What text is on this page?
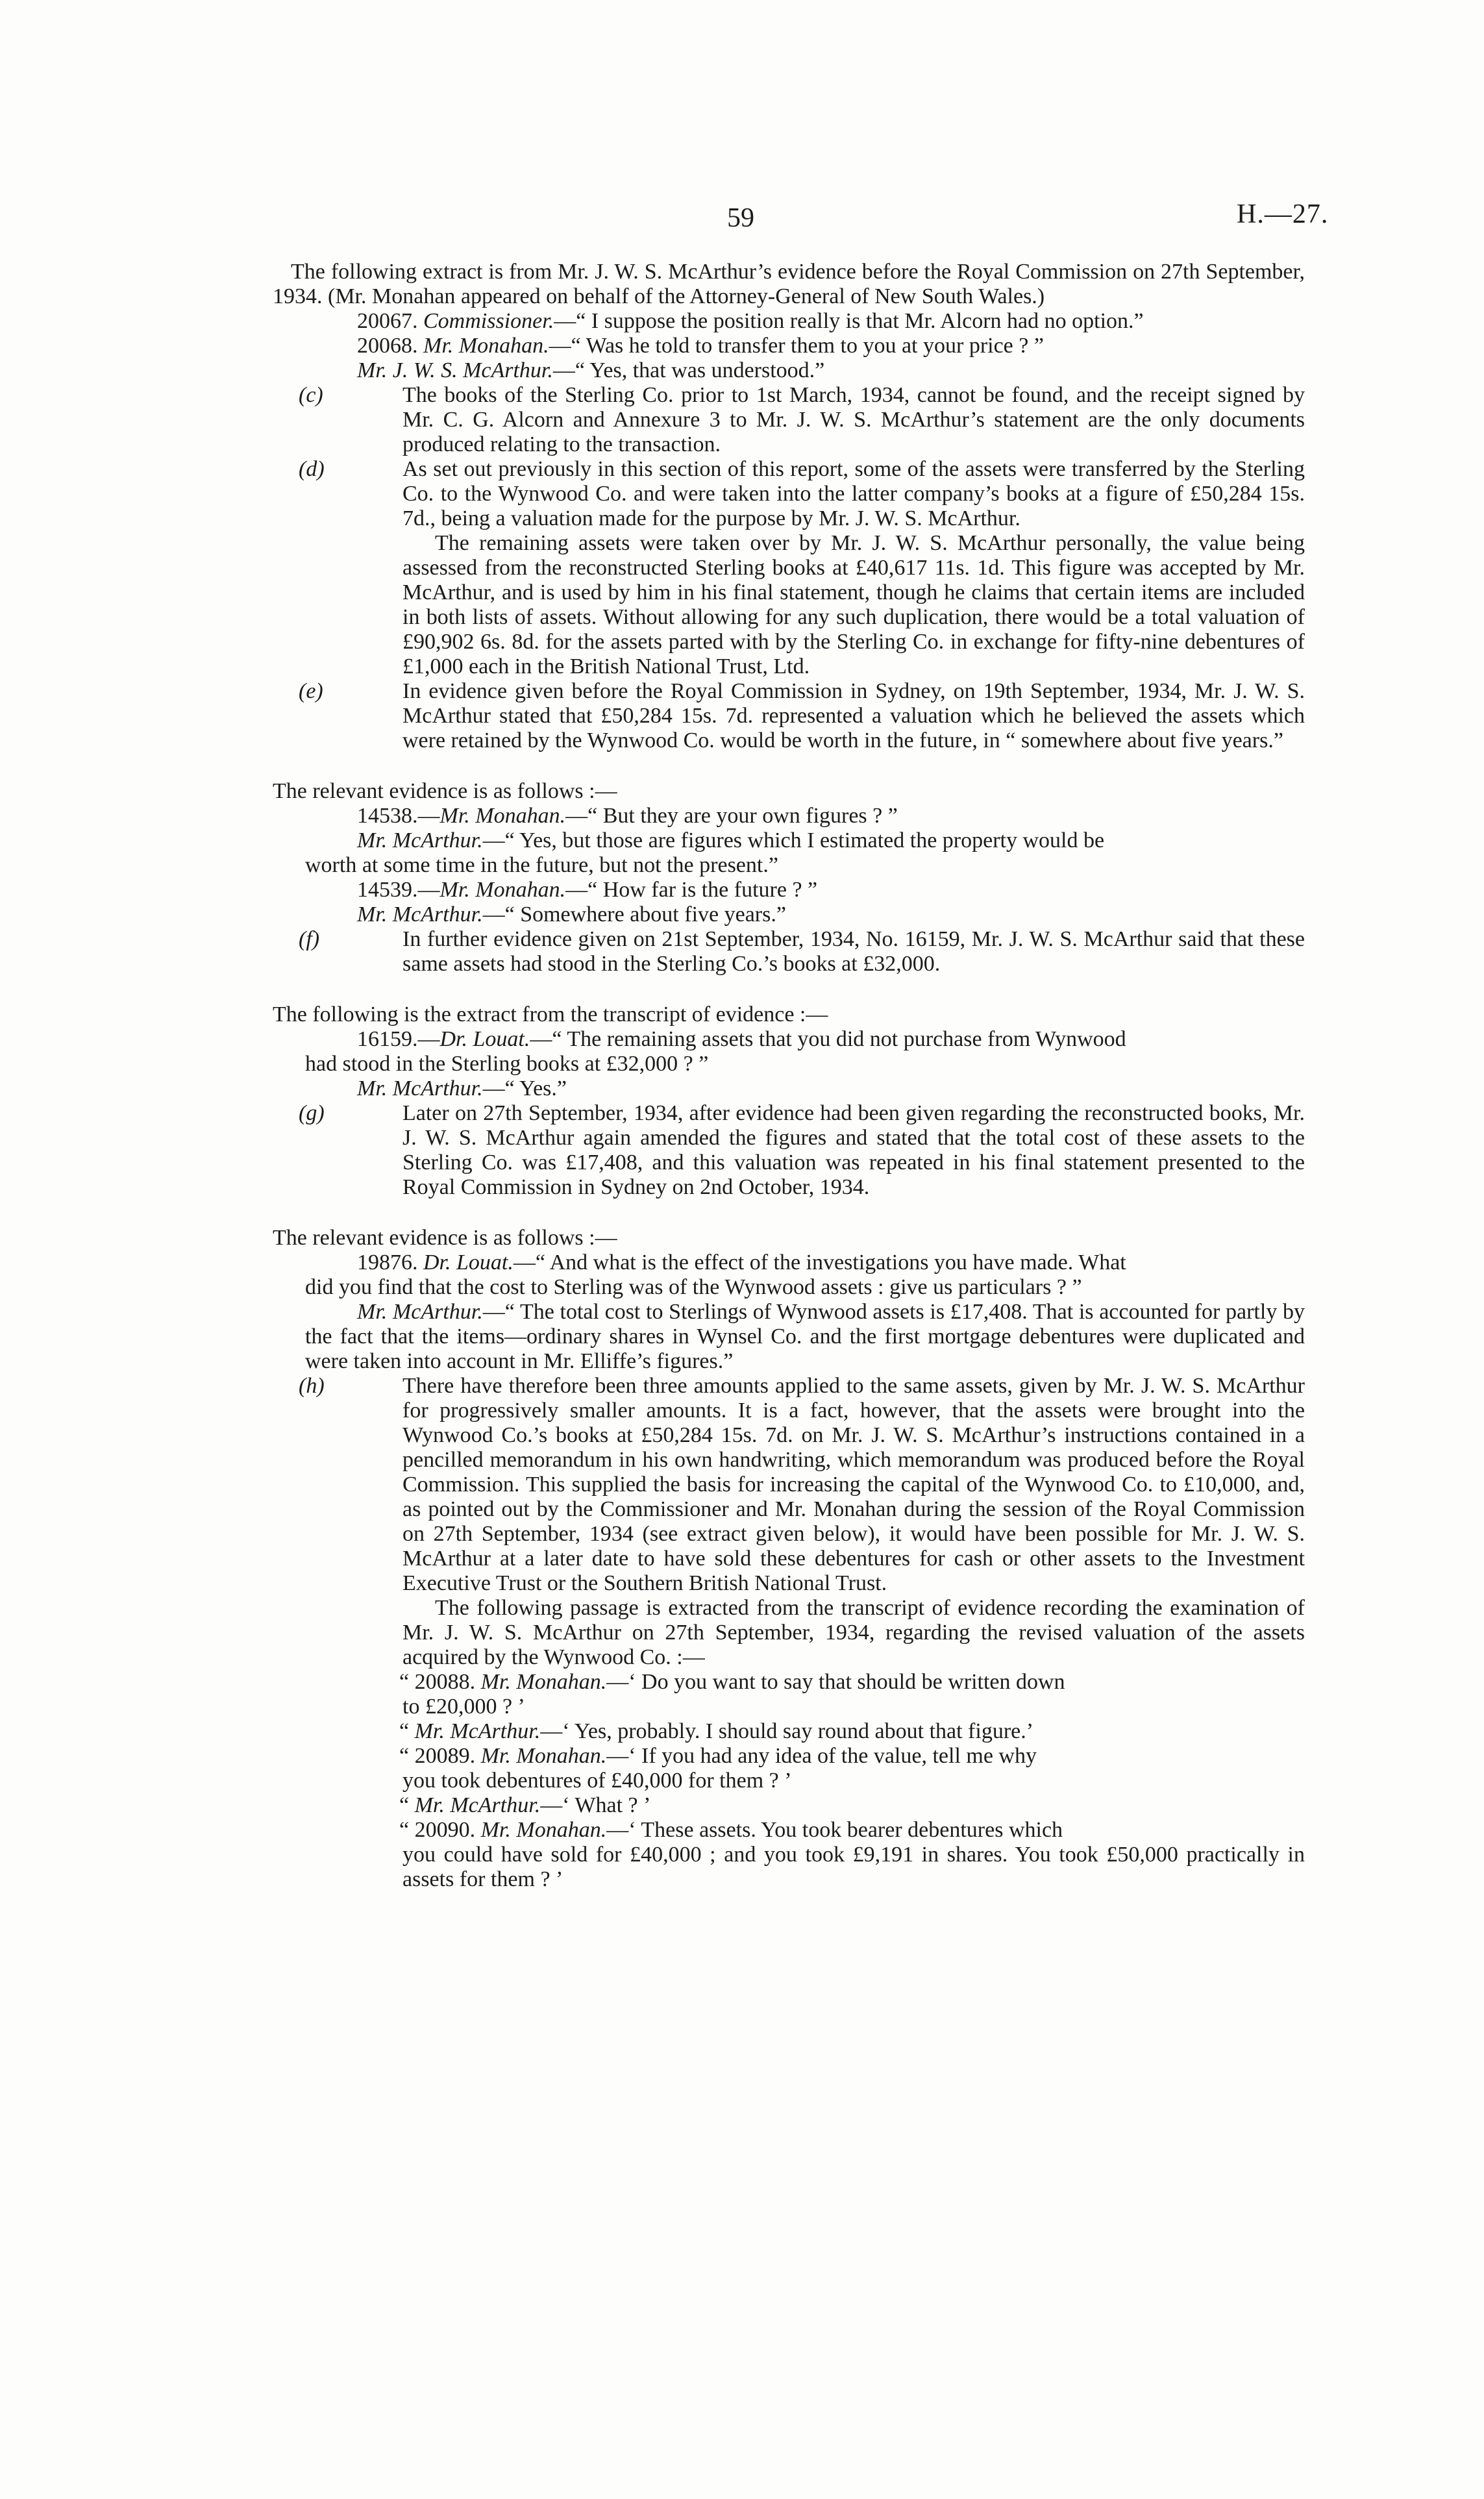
59	H.—27.

The following extract is from Mr. J. W. S. McArthur’s evidence before the Royal Commission on 27th September, 1934. (Mr. Monahan appeared on behalf of the Attorney-General of New South Wales.)

20067. Commissioner.—“ I suppose the position really is that Mr. Alcorn had no option.”

20068. Mr. Monahan.—“ Was he told to transfer them to you at your price ? ”

Mr. J. W. S. McArthur.—“ Yes, that was understood.”

(c)	The books of the Sterling Co. prior to 1st March, 1934, cannot be found, and the receipt signed by Mr. C. G. Alcorn and Annexure 3 to Mr. J. W. S. McArthur’s statement are the only documents produced relating to the transaction.

(d)	As set out previously in this section of this report, some of the assets were transferred by the Sterling Co. to the Wynwood Co. and were taken into the latter company’s books at a figure of £50,284 15s. 7d., being a valuation made for the purpose by Mr. J. W. S. McArthur.

The remaining assets were taken over by Mr. J. W. S. McArthur personally, the value being assessed from the reconstructed Sterling books at £40,617 11s. 1d. This figure was accepted by Mr. McArthur, and is used by him in his final statement, though he claims that certain items are included in both lists of assets. Without allowing for any such duplication, there would be a total valuation of £90,902 6s. 8d. for the assets parted with by the Sterling Co. in exchange for fifty-nine debentures of £1,000 each in the British National Trust, Ltd.

(e)	In evidence given before the Royal Commission in Sydney, on 19th September, 1934, Mr. J. W. S. McArthur stated that £50,284 15s. 7d. represented a valuation which he believed the assets which were retained by the Wynwood Co. would be worth in the future, in “ somewhere about five years.”

The relevant evidence is as follows :—

14538.—Mr. Monahan.—“ But they are your own figures ? ”

Mr. McArthur.—“ Yes, but those are figures which I estimated the property would be

worth at some time in the future, but not the present.”

14539.—Mr. Monahan.—“ How far is the future ? ”

Mr. McArthur.—“ Somewhere about five years.”

(f)	In further evidence given on 21st September, 1934, No. 16159, Mr. J. W. S. McArthur said that these same assets had stood in the Sterling Co.’s books at £32,000.

The following is the extract from the transcript of evidence :—

16159.—Dr. Louat.—“ The remaining assets that you did not purchase from Wynwood

had stood in the Sterling books at £32,000 ? ”

Mr. McArthur.—“ Yes.”

(g)	Later on 27th September, 1934, after evidence had been given regarding the reconstructed books, Mr. J. W. S. McArthur again amended the figures and stated that the total cost of these assets to the Sterling Co. was £17,408, and this valuation was repeated in his final statement presented to the Royal Commission in Sydney on 2nd October, 1934.

The relevant evidence is as follows :—

19876. Dr. Louat.—“ And what is the effect of the investigations you have made. What

did you find that the cost to Sterling was of the Wynwood assets : give us particulars ? ”

Mr. McArthur.—“ The total cost to Sterlings of Wynwood assets is £17,408. That is accounted for partly by the fact that the items—ordinary shares in Wynsel Co. and the first mortgage debentures were duplicated and were taken into account in Mr. Elliffe’s figures.”

(h)	There have therefore been three amounts applied to the same assets, given by Mr. J. W. S. McArthur for progressively smaller amounts. It is a fact, however, that the assets were brought into the Wynwood Co.’s books at £50,284 15s. 7d. on Mr. J. W. S. McArthur’s instructions contained in a pencilled memorandum in his own handwriting, which memorandum was produced before the Royal Commission. This supplied the basis for increasing the capital of the Wynwood Co. to £10,000, and, as pointed out by the Commissioner and Mr. Monahan during the session of the Royal Commission on 27th September, 1934 (see extract given below), it would have been possible for Mr. J. W. S. McArthur at a later date to have sold these debentures for cash or other assets to the Investment Executive Trust or the Southern British National Trust.

The following passage is extracted from the transcript of evidence recording the examination of Mr. J. W. S. McArthur on 27th September, 1934, regarding the revised valuation of the assets acquired by the Wynwood Co. :—

“ 20088. Mr. Monahan.—‘ Do you want to say that should be written down

to £20,000 ? ’

“ Mr. McArthur.—‘ Yes, probably. I should say round about that figure.’

“ 20089. Mr. Monahan.—‘ If you had any idea of the value, tell me why

you took debentures of £40,000 for them ? ’

“ Mr. McArthur.—‘ What ? ’

“ 20090. Mr. Monahan.—‘ These assets. You took bearer debentures which

you could have sold for £40,000 ; and you took £9,191 in shares. You took £50,000 practically in assets for them ? ’
